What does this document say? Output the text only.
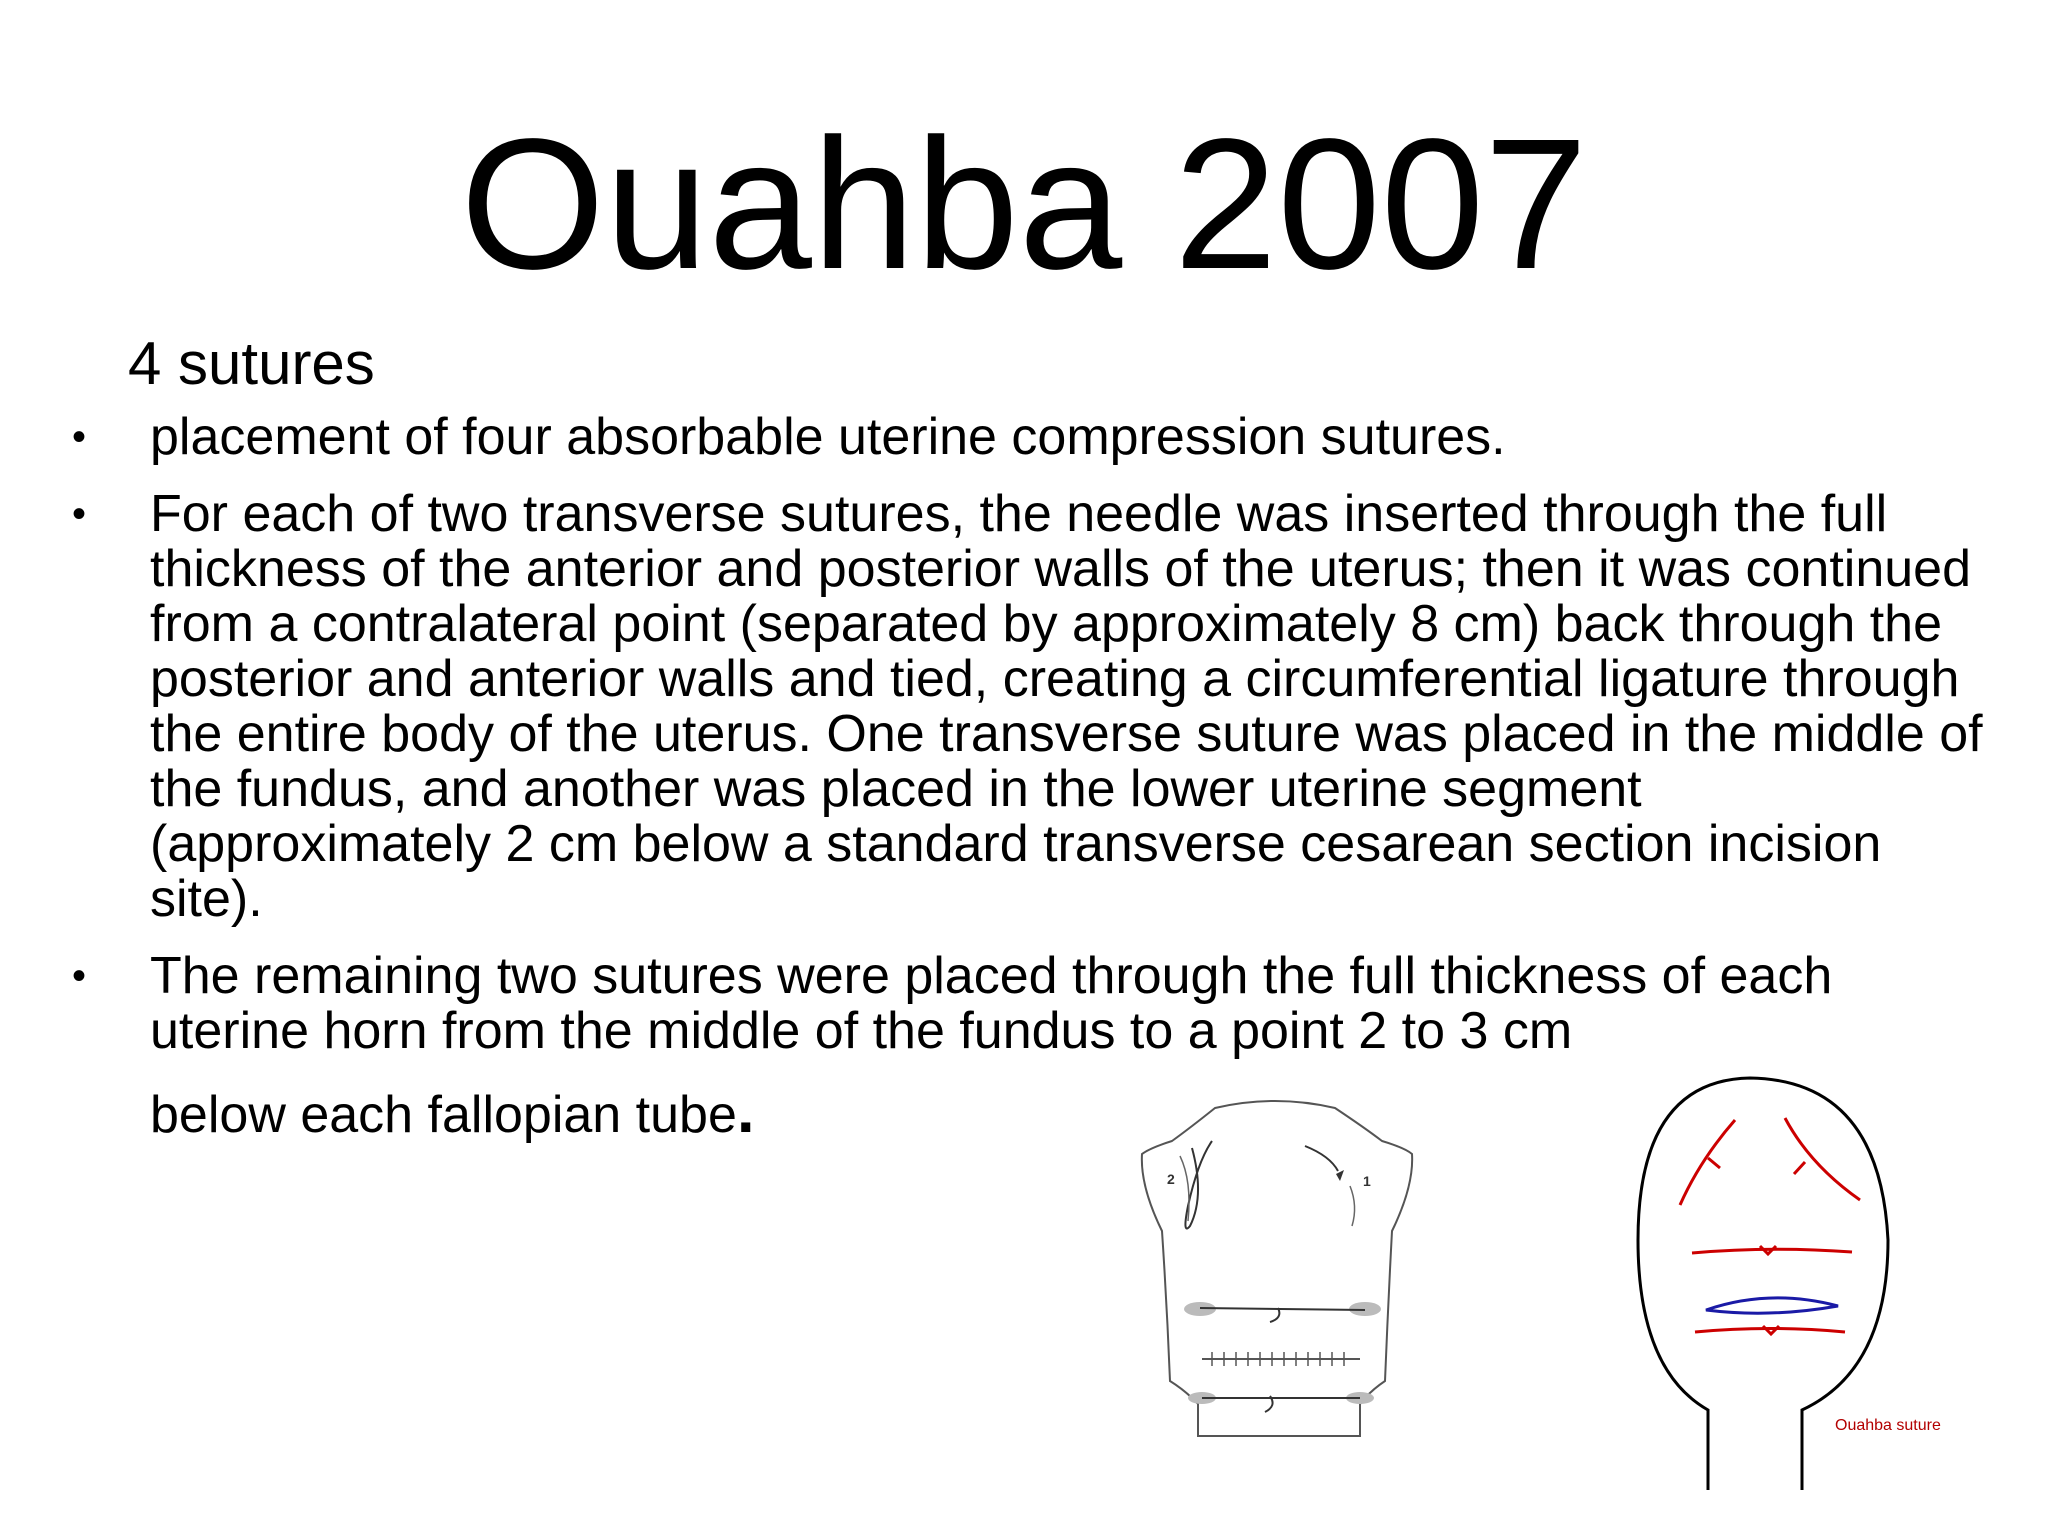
Ouahba 2007
4 sutures
•	placement of four absorbable uterine compression sutures.
•	For each of two transverse sutures, the needle was inserted through the full thickness of the anterior and posterior walls of the uterus; then it was continued from a contralateral point (separated by approximately 8 cm) back through the posterior and anterior walls and tied, creating a circumferential ligature through the entire body of the uterus. One transverse suture was placed in the middle of the fundus, and another was placed in the lower uterine segment (approximately 2 cm below a standard transverse cesarean section incision site).
•	The remaining two sutures were placed through the full thickness of each uterine horn from the middle of the fundus to a point 2 to 3 cm
below each fallopian tube.
2	1
Ouahba suture
